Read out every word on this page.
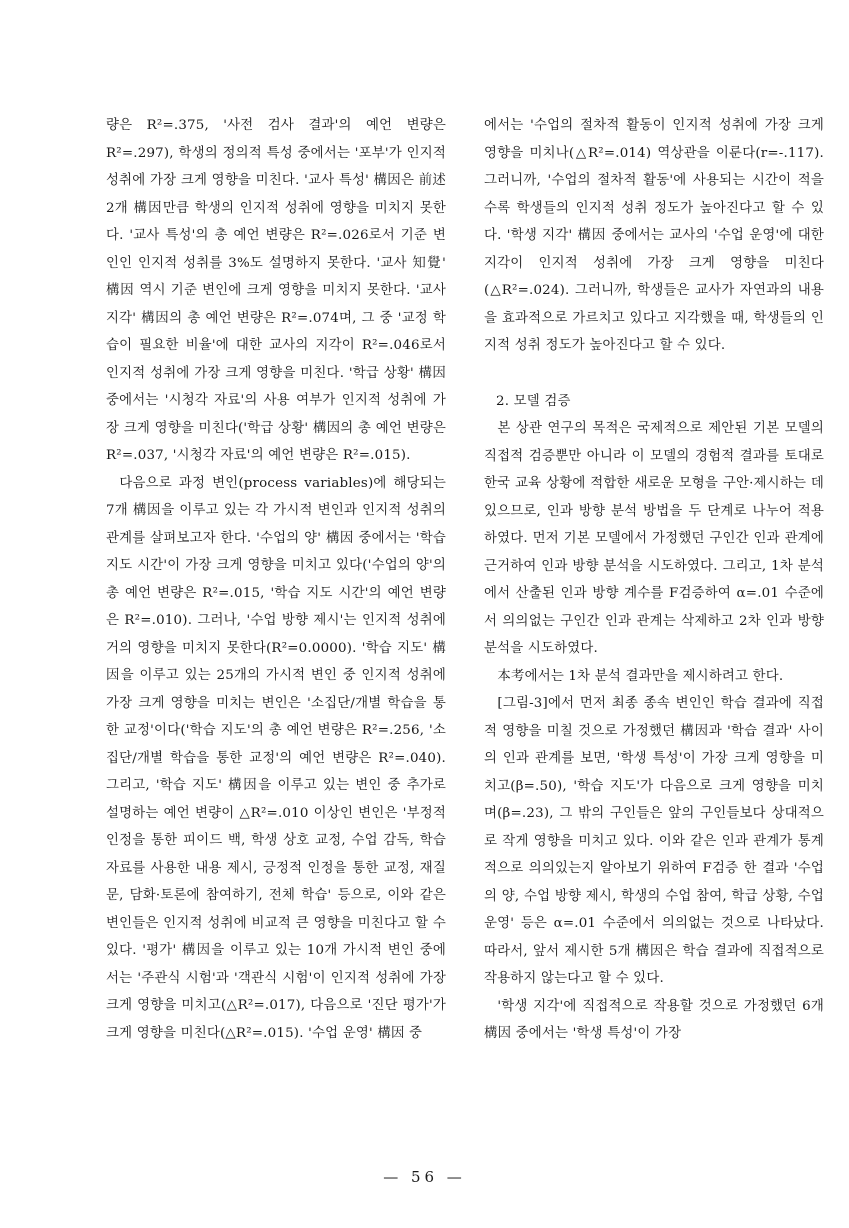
량은 R²=.375, '사전 검사 결과'의 예언 변량은 R²=.297), 학생의 정의적 특성 중에서는 '포부'가 인지적 성취에 가장 크게 영향을 미친다. '교사 특성' 構因은 前述 2개 構因만큼 학생의 인지적 성취에 영향을 미치지 못한다. '교사 특성'의 총 예언 변량은 R²=.026로서 기준 변인인 인지적 성취를 3%도 설명하지 못한다. '교사 知覺' 構因 역시 기준 변인에 크게 영향을 미치지 못한다. '교사 지각' 構因의 총 예언 변량은 R²=.074며, 그 중 '교정 학습이 필요한 비율'에 대한 교사의 지각이 R²=.046로서 인지적 성취에 가장 크게 영향을 미친다. '학급 상황' 構因 중에서는 '시청각 자료'의 사용 여부가 인지적 성취에 가장 크게 영향을 미친다('학급 상황' 構因의 총 예언 변량은 R²=.037, '시청각 자료'의 예언 변량은 R²=.015).

다음으로 과정 변인(process variables)에 해당되는 7개 構因을 이루고 있는 각 가시적 변인과 인지적 성취의 관계를 살펴보고자 한다. '수업의 양' 構因 중에서는 '학습 지도 시간'이 가장 크게 영향을 미치고 있다('수업의 양'의 총 예언 변량은 R²=.015, '학습 지도 시간'의 예언 변량은 R²=.010). 그러나, '수업 방향 제시'는 인지적 성취에 거의 영향을 미치지 못한다(R²=0.0000). '학습 지도' 構因을 이루고 있는 25개의 가시적 변인 중 인지적 성취에 가장 크게 영향을 미치는 변인은 '소집단/개별 학습을 통한 교정'이다('학습 지도'의 총 예언 변량은 R²=.256, '소집단/개별 학습을 통한 교정'의 예언 변량은 R²=.040). 그리고, '학습 지도' 構因을 이루고 있는 변인 중 추가로 설명하는 예언 변량이 △R²=.010 이상인 변인은 '부정적 인정을 통한 피이드 백, 학생 상호 교정, 수업 감독, 학습 자료를 사용한 내용 제시, 긍정적 인정을 통한 교정, 재질문, 담화·토론에 참여하기, 전체 학습' 등으로, 이와 같은 변인들은 인지적 성취에 비교적 큰 영향을 미친다고 할 수 있다. '평가' 構因을 이루고 있는 10개 가시적 변인 중에서는 '주관식 시험'과 '객관식 시험'이 인지적 성취에 가장 크게 영향을 미치고(△R²=.017), 다음으로 '진단 평가'가 크게 영향을 미친다(△R²=.015). '수업 운영' 構因 중

에서는 '수업의 절차적 활동이 인지적 성취에 가장 크게 영향을 미치나(△R²=.014) 역상관을 이룬다(r=-.117). 그러니까, '수업의 절차적 활동'에 사용되는 시간이 적을수록 학생들의 인지적 성취 정도가 높아진다고 할 수 있다. '학생 지각' 構因 중에서는 교사의 '수업 운영'에 대한 지각이 인지적 성취에 가장 크게 영향을 미친다(△R²=.024). 그러니까, 학생들은 교사가 자연과의 내용을 효과적으로 가르치고 있다고 지각했을 때, 학생들의 인지적 성취 정도가 높아진다고 할 수 있다.

2. 모델 검증

본 상관 연구의 목적은 국제적으로 제안된 기본 모델의 직접적 검증뿐만 아니라 이 모델의 경험적 결과를 토대로 한국 교육 상황에 적합한 새로운 모형을 구안·제시하는 데 있으므로, 인과 방향 분석 방법을 두 단계로 나누어 적용하였다. 먼저 기본 모델에서 가정했던 구인간 인과 관계에 근거하여 인과 방향 분석을 시도하였다. 그리고, 1차 분석에서 산출된 인과 방향 계수를 F검증하여 α=.01 수준에서 의의없는 구인간 인과 관계는 삭제하고 2차 인과 방향 분석을 시도하였다.

本考에서는 1차 분석 결과만을 제시하려고 한다.

[그림-3]에서 먼저 최종 종속 변인인 학습 결과에 직접적 영향을 미칠 것으로 가정했던 構因과 '학습 결과' 사이의 인과 관계를 보면, '학생 특성'이 가장 크게 영향을 미치고(β=.50), '학습 지도'가 다음으로 크게 영향을 미치며(β=.23), 그 밖의 구인들은 앞의 구인들보다 상대적으로 작게 영향을 미치고 있다. 이와 같은 인과 관계가 통계적으로 의의있는지 알아보기 위하여 F검증 한 결과 '수업의 양, 수업 방향 제시, 학생의 수업 참여, 학급 상황, 수업 운영' 등은 α=.01 수준에서 의의없는 것으로 나타났다. 따라서, 앞서 제시한 5개 構因은 학습 결과에 직접적으로 작용하지 않는다고 할 수 있다.

'학생 지각'에 직접적으로 작용할 것으로 가정했던 6개 構因 중에서는 '학생 특성'이 가장

— 56 —
